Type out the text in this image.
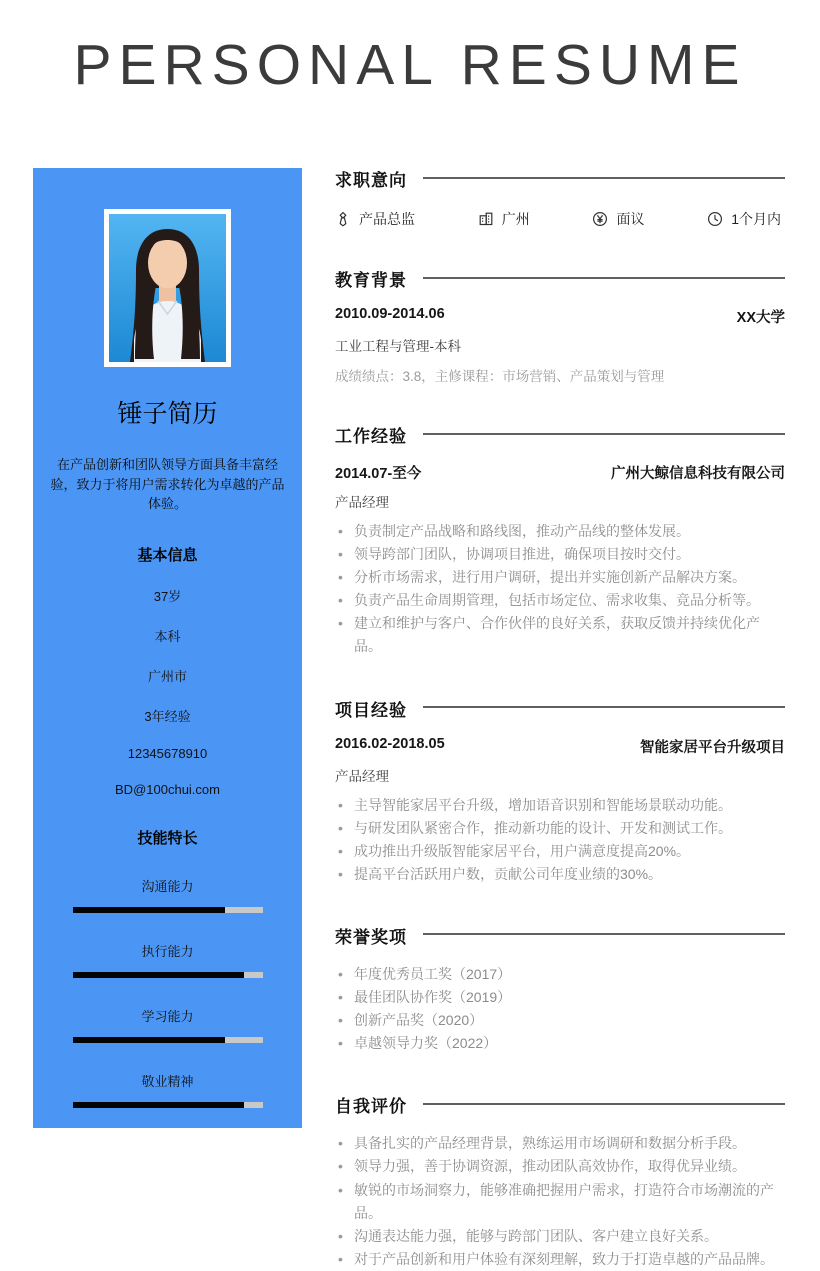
PERSONAL RESUME
锤子简历
在产品创新和团队领导方面具备丰富经验，致力于将用户需求转化为卓越的产品体验。
基本信息
37岁
本科
广州市
3年经验
12345678910
BD@100chui.com
技能特长
沟通能力
执行能力
学习能力
敬业精神
求职意向
产品总监	广州	面议	1个月内
教育背景
2010.09-2014.06	XX大学
工业工程与管理-本科
成绩绩点：3.8，主修课程：市场营销、产品策划与管理
工作经验
2014.07-至今	广州大鲸信息科技有限公司
产品经理
• 负责制定产品战略和路线图，推动产品线的整体发展。
• 领导跨部门团队，协调项目推进，确保项目按时交付。
• 分析市场需求，进行用户调研，提出并实施创新产品解决方案。
• 负责产品生命周期管理，包括市场定位、需求收集、竞品分析等。
• 建立和维护与客户、合作伙伴的良好关系，获取反馈并持续优化产品。
项目经验
2016.02-2018.05	智能家居平台升级项目
产品经理
• 主导智能家居平台升级，增加语音识别和智能场景联动功能。
• 与研发团队紧密合作，推动新功能的设计、开发和测试工作。
• 成功推出升级版智能家居平台，用户满意度提高20%。
• 提高平台活跃用户数，贡献公司年度业绩的30%。
荣誉奖项
• 年度优秀员工奖（2017）
• 最佳团队协作奖（2019）
• 创新产品奖（2020）
• 卓越领导力奖（2022）
自我评价
• 具备扎实的产品经理背景，熟练运用市场调研和数据分析手段。
• 领导力强，善于协调资源，推动团队高效协作，取得优异业绩。
• 敏锐的市场洞察力，能够准确把握用户需求，打造符合市场潮流的产品。
• 沟通表达能力强，能够与跨部门团队、客户建立良好关系。
• 对于产品创新和用户体验有深刻理解，致力于打造卓越的产品品牌。
